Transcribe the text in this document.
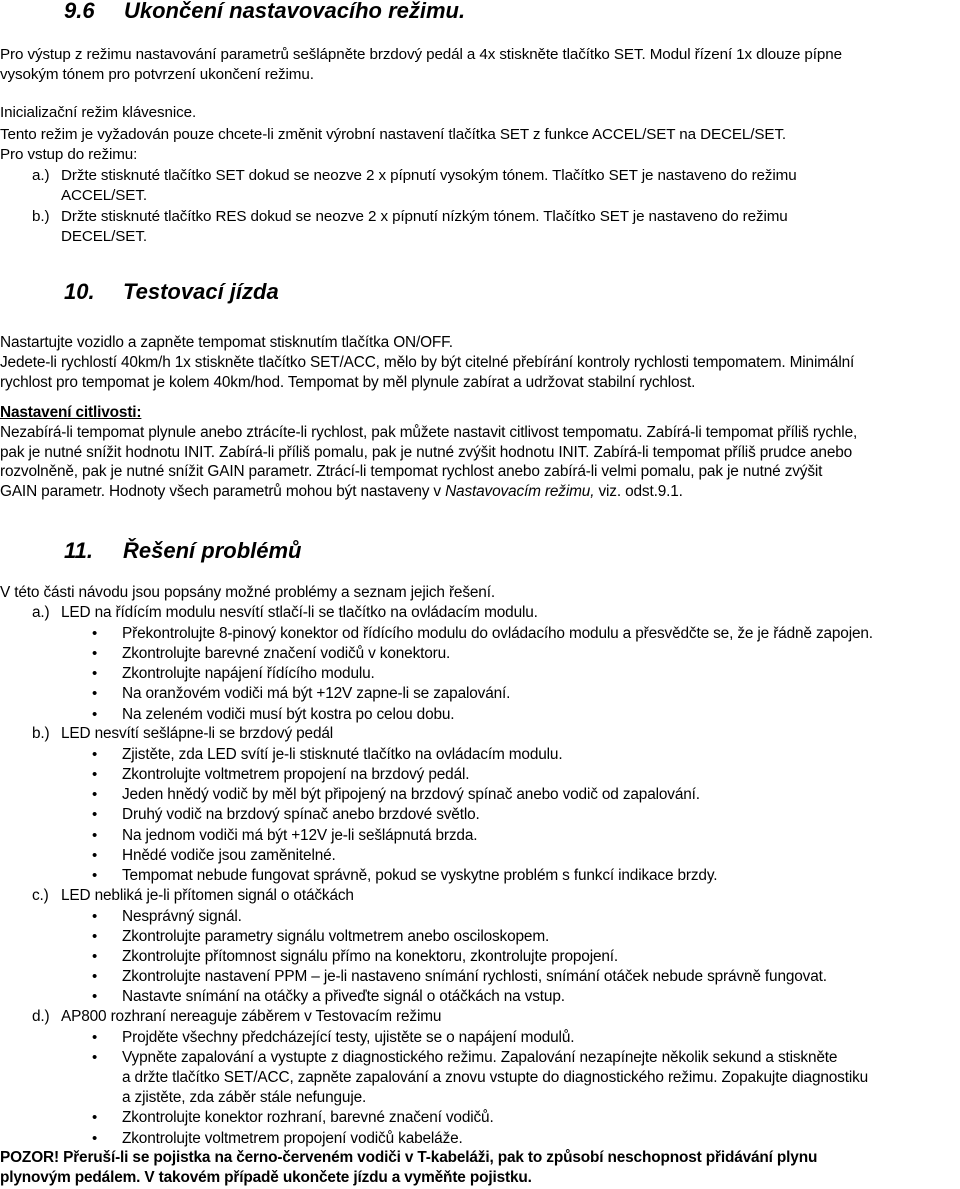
9.6 Ukončení nastavovacího režimu.
Pro výstup z režimu nastavování parametrů sešlápněte brzdový pedál a 4x stiskněte tlačítko SET. Modul řízení 1x dlouze pípne
vysokým tónem pro potvrzení ukončení režimu.
Inicializační režim klávesnice.
Tento režim je vyžadován pouze chcete-li změnit výrobní nastavení tlačítka SET z funkce ACCEL/SET na DECEL/SET.
Pro vstup do režimu:
a.) Držte stisknuté tlačítko SET dokud se neozve 2 x pípnutí vysokým tónem. Tlačítko SET je nastaveno do režimu
ACCEL/SET.
b.) Držte stisknuté tlačítko RES dokud se neozve 2 x pípnutí nízkým tónem. Tlačítko SET je nastaveno do režimu
DECEL/SET.
10. Testovací jízda
Nastartujte vozidlo a zapněte tempomat stisknutím tlačítka ON/OFF.
Jedete-li rychlostí 40km/h 1x stiskněte tlačítko SET/ACC, mělo by být citelné přebírání kontroly rychlosti tempomatem. Minimální
rychlost pro tempomat je kolem 40km/hod. Tempomat by měl plynule zabírat a udržovat stabilní rychlost.
Nastavení citlivosti:
Nezabírá-li tempomat plynule anebo ztrácíte-li rychlost, pak můžete nastavit citlivost tempomatu. Zabírá-li tempomat příliš rychle,
pak je nutné snížit hodnotu INIT. Zabírá-li příliš pomalu, pak je nutné zvýšit hodnotu INIT. Zabírá-li tempomat příliš prudce anebo
rozvolněně, pak je nutné snížit GAIN parametr. Ztrácí-li tempomat rychlost anebo zabírá-li velmi pomalu, pak je nutné zvýšit
GAIN parametr. Hodnoty všech parametrů mohou být nastaveny v Nastavovacím režimu, viz. odst.9.1.
11. Řešení problémů
V této části návodu jsou popsány možné problémy a seznam jejich řešení.
a.) LED na řídícím modulu nesvítí stlačí-li se tlačítko na ovládacím modulu.
• Překontrolujte 8-pinový konektor od řídícího modulu do ovládacího modulu a přesvědčte se, že je řádně zapojen.
• Zkontrolujte barevné značení vodičů v konektoru.
• Zkontrolujte napájení řídícího modulu.
• Na oranžovém vodiči má být +12V zapne-li se zapalování.
• Na zeleném vodiči musí být kostra po celou dobu.
b.) LED nesvítí sešlápne-li se brzdový pedál
• Zjistěte, zda LED svítí je-li stisknuté tlačítko na ovládacím modulu.
• Zkontrolujte voltmetrem propojení na brzdový pedál.
• Jeden hnědý vodič by měl být připojený na brzdový spínač anebo vodič od zapalování.
• Druhý vodič na brzdový spínač anebo brzdové světlo.
• Na jednom vodiči má být +12V je-li sešlápnutá brzda.
• Hnědé vodiče jsou zaměnitelné.
• Tempomat nebude fungovat správně, pokud se vyskytne problém s funkcí indikace brzdy.
c.) LED nebliká je-li přítomen signál o otáčkách
• Nesprávný signál.
• Zkontrolujte parametry signálu voltmetrem anebo osciloskopem.
• Zkontrolujte přítomnost signálu přímo na konektoru, zkontrolujte propojení.
• Zkontrolujte nastavení PPM – je-li nastaveno snímání rychlosti, snímání otáček nebude správně fungovat.
• Nastavte snímání na otáčky a přiveďte signál o otáčkách na vstup.
d.) AP800 rozhraní nereaguje záběrem v Testovacím režimu
• Projděte všechny předcházející testy, ujistěte se o napájení modulů.
• Vypněte zapalování a vystupte z diagnostického režimu. Zapalování nezapínejte několik sekund a stiskněte
a držte tlačítko SET/ACC, zapněte zapalování a znovu vstupte do diagnostického režimu. Zopakujte diagnostiku
a zjistěte, zda záběr stále nefunguje.
• Zkontrolujte konektor rozhraní, barevné značení vodičů.
• Zkontrolujte voltmetrem propojení vodičů kabeláže.
POZOR! Přeruší-li se pojistka na černo-červeném vodiči v T-kabeláži, pak to způsobí neschopnost přidávání plynu
plynovým pedálem. V takovém případě ukončete jízdu a vyměňte pojistku.
